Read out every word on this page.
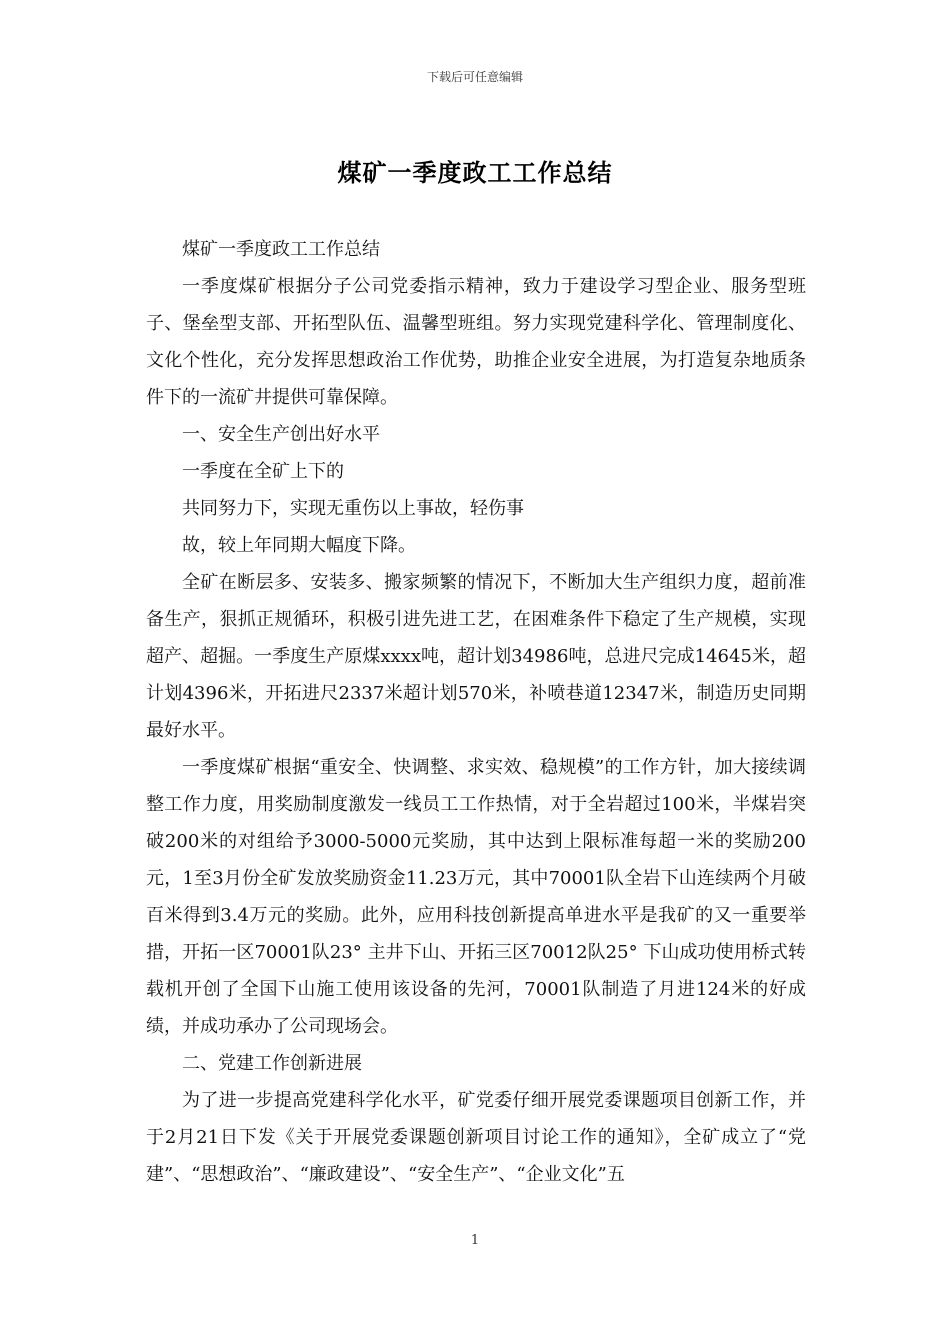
下载后可任意编辑
煤矿一季度政工工作总结

煤矿一季度政工工作总结

一季度煤矿根据分子公司党委指示精神，致力于建设学习型企业、服务型班子、堡垒型支部、开拓型队伍、温馨型班组。努力实现党建科学化、管理制度化、文化个性化，充分发挥思想政治工作优势，助推企业安全进展，为打造复杂地质条件下的一流矿井提供可靠保障。

一、安全生产创出好水平

一季度在全矿上下的

共同努力下，实现无重伤以上事故，轻伤事

故，较上年同期大幅度下降。

全矿在断层多、安装多、搬家频繁的情况下，不断加大生产组织力度，超前准备生产，狠抓正规循环，积极引进先进工艺，在困难条件下稳定了生产规模，实现超产、超掘。一季度生产原煤xxxx吨，超计划34986吨，总进尺完成14645米，超计划4396米，开拓进尺2337米超计划570米，补喷巷道12347米，制造历史同期最好水平。

一季度煤矿根据“重安全、快调整、求实效、稳规模”的工作方针，加大接续调整工作力度，用奖励制度激发一线员工工作热情，对于全岩超过100米，半煤岩突破200米的对组给予3000-5000元奖励，其中达到上限标准每超一米的奖励200元，1至3月份全矿发放奖励资金11.23万元，其中70001队全岩下山连续两个月破百米得到3.4万元的奖励。此外，应用科技创新提高单进水平是我矿的又一重要举措，开拓一区70001队23° 主井下山、开拓三区70012队25° 下山成功使用桥式转载机开创了全国下山施工使用该设备的先河，70001队制造了月进124米的好成绩，并成功承办了公司现场会。

二、党建工作创新进展

为了进一步提高党建科学化水平，矿党委仔细开展党委课题项目创新工作，并于2月21日下发《关于开展党委课题创新项目讨论工作的通知》，全矿成立了“党建”、“思想政治”、“廉政建设”、“安全生产”、“企业文化”五

1
